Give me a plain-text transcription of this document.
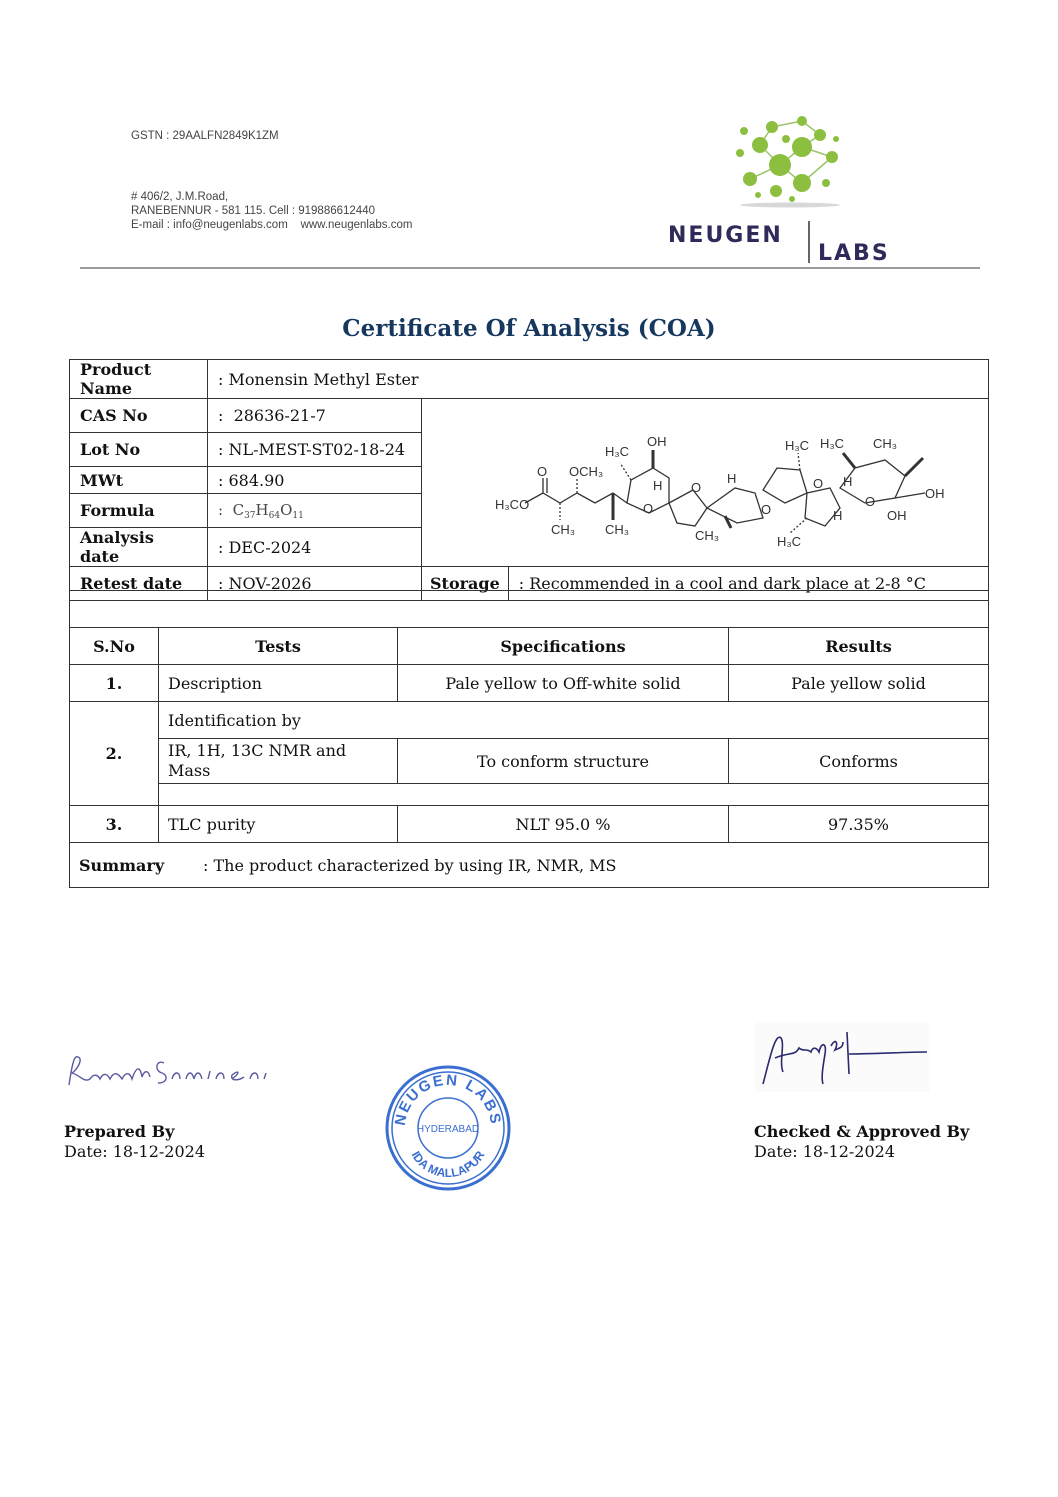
GSTN : 29AALFN2849K1ZM
# 406/2, J.M.Road,
RANEBENNUR - 581 115. Cell : 919886612440
E-mail : info@neugenlabs.com www.neugenlabs.com	NEUGEN
LABS
Certificate Of Analysis (COA)
Product Name	: Monensin Methyl Ester
CAS No	:  28636-21-7	
H₃CO
O OCH₃
CH₃ CH₃
H₃C
OH
H
O
O
CH₃
H
O
H₃C
O
H₃C CH₃
H
O
OH
OH
H
H₃C

Lot No	: NL-MEST-ST02-18-24
MWt	: 684.90
Formula	:  $C_{37}H_{64}O_{11}$
Analysis date	: DEC-2024
Retest date	: NOV-2026	Storage	: Recommended in a cool and dark place at 2-8 °C

S.No	Tests	Specifications	Results
1.	Description	Pale yellow to Off-white solid	Pale yellow solid
2.	Identification by
IR, 1H, 13C NMR and Mass	To conform structure	Conforms

3.	TLC purity	NLT 95.0 %	97.35%
Summary : The product characterized by using IR, NMR, MS
Prepared By
Date: 18-12-2024
NEUGEN LABS
IDA MALLAPUR
HYDERABAD	Checked & Approved By
Date: 18-12-2024
